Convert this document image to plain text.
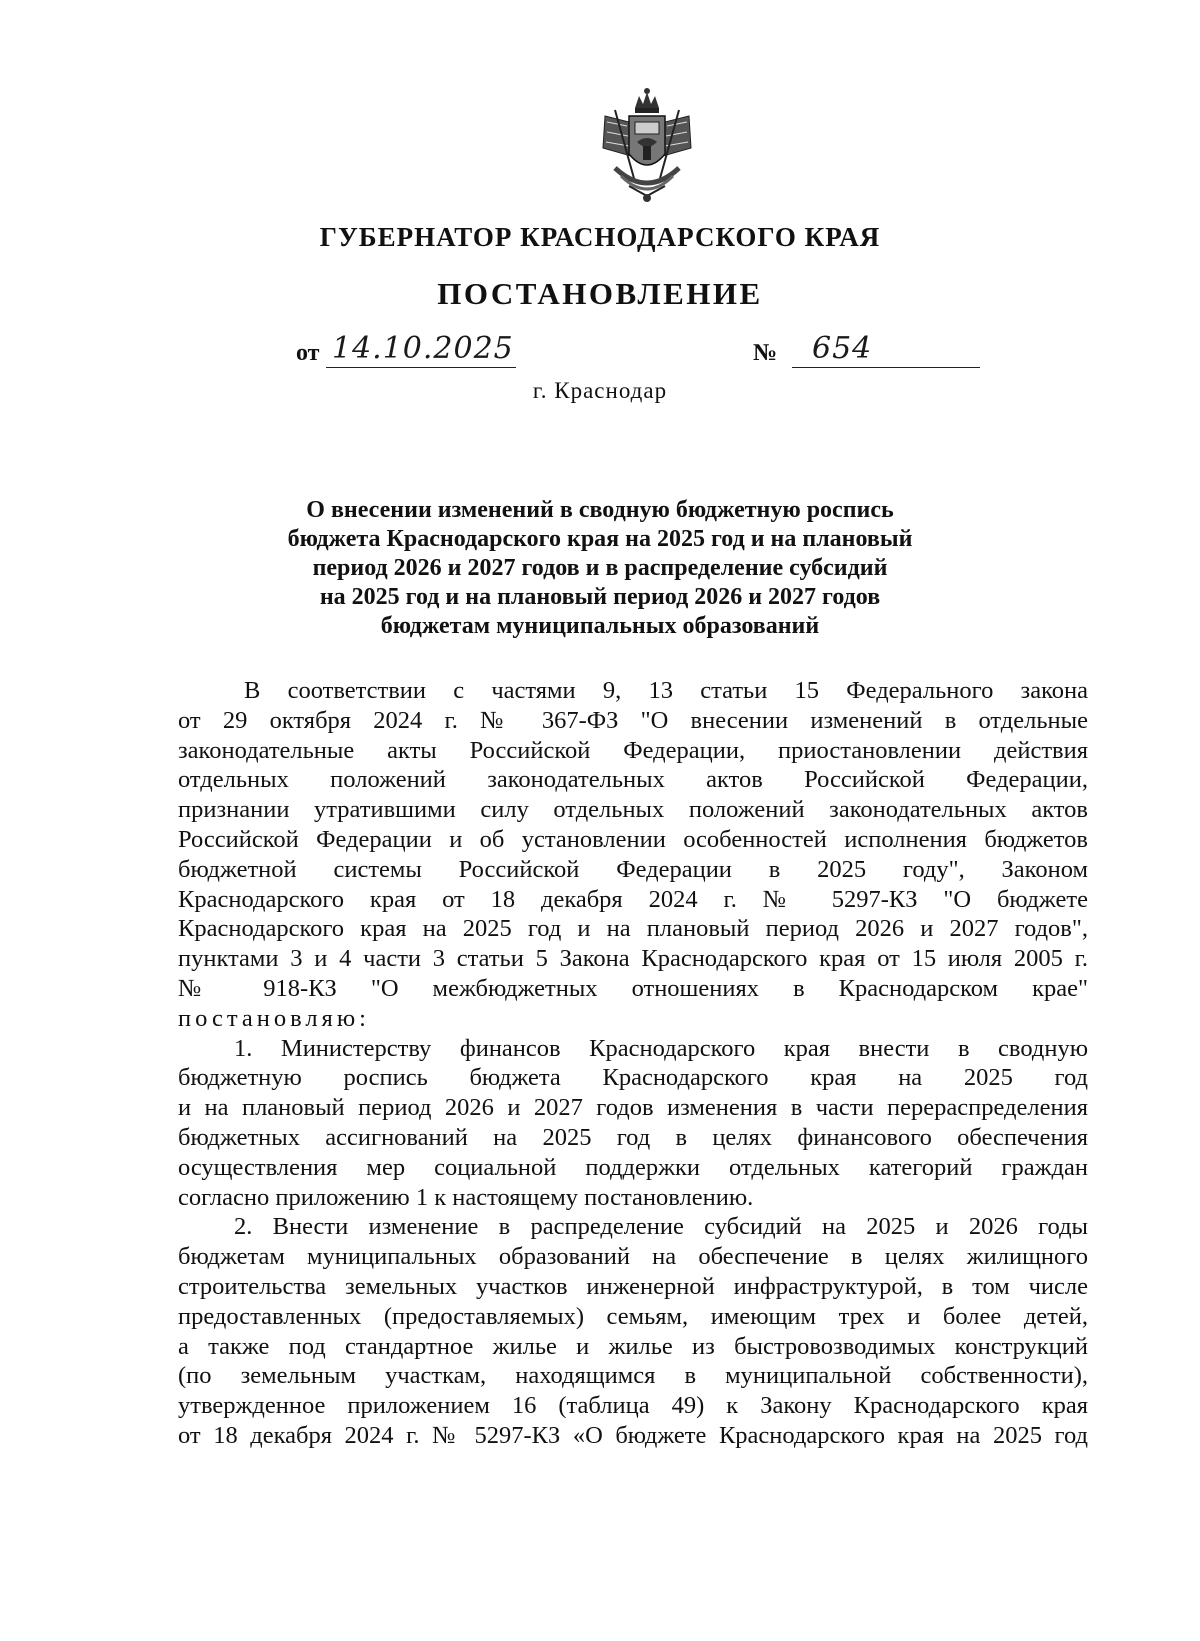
ГУБЕРНАТОР КРАСНОДАРСКОГО КРАЯ
ПОСТАНОВЛЕНИЕ
от 14.10.2025	№ 654
г. Краснодар
О внесении изменений в сводную бюджетную роспись
бюджета Краснодарского края на 2025 год и на плановый
период 2026 и 2027 годов и в распределение субсидий
на 2025 год и на плановый период 2026 и 2027 годов
бюджетам муниципальных образований
В соответствии с частями 9, 13 статьи 15 Федерального закона
от 29 октября 2024 г. № 367-ФЗ "О внесении изменений в отдельные
законодательные акты Российской Федерации, приостановлении действия
отдельных положений законодательных актов Российской Федерации,
признании утратившими силу отдельных положений законодательных актов
Российской Федерации и об установлении особенностей исполнения бюджетов
бюджетной системы Российской Федерации в 2025 году", Законом
Краснодарского края от 18 декабря 2024 г. № 5297-КЗ "О бюджете
Краснодарского края на 2025 год и на плановый период 2026 и 2027 годов",
пунктами 3 и 4 части 3 статьи 5 Закона Краснодарского края от 15 июля 2005 г.
№ 918-КЗ "О межбюджетных отношениях в Краснодарском крае"
постановляю:
1. Министерству финансов Краснодарского края внести в сводную
бюджетную роспись бюджета Краснодарского края на 2025 год
и на плановый период 2026 и 2027 годов изменения в части перераспределения
бюджетных ассигнований на 2025 год в целях финансового обеспечения
осуществления мер социальной поддержки отдельных категорий граждан
согласно приложению 1 к настоящему постановлению.
2. Внести изменение в распределение субсидий на 2025 и 2026 годы
бюджетам муниципальных образований на обеспечение в целях жилищного
строительства земельных участков инженерной инфраструктурой, в том числе
предоставленных (предоставляемых) семьям, имеющим трех и более детей,
а также под стандартное жилье и жилье из быстровозводимых конструкций
(по земельным участкам, находящимся в муниципальной собственности),
утвержденное приложением 16 (таблица 49) к Закону Краснодарского края
от 18 декабря 2024 г. № 5297-КЗ «О бюджете Краснодарского края на 2025 год
